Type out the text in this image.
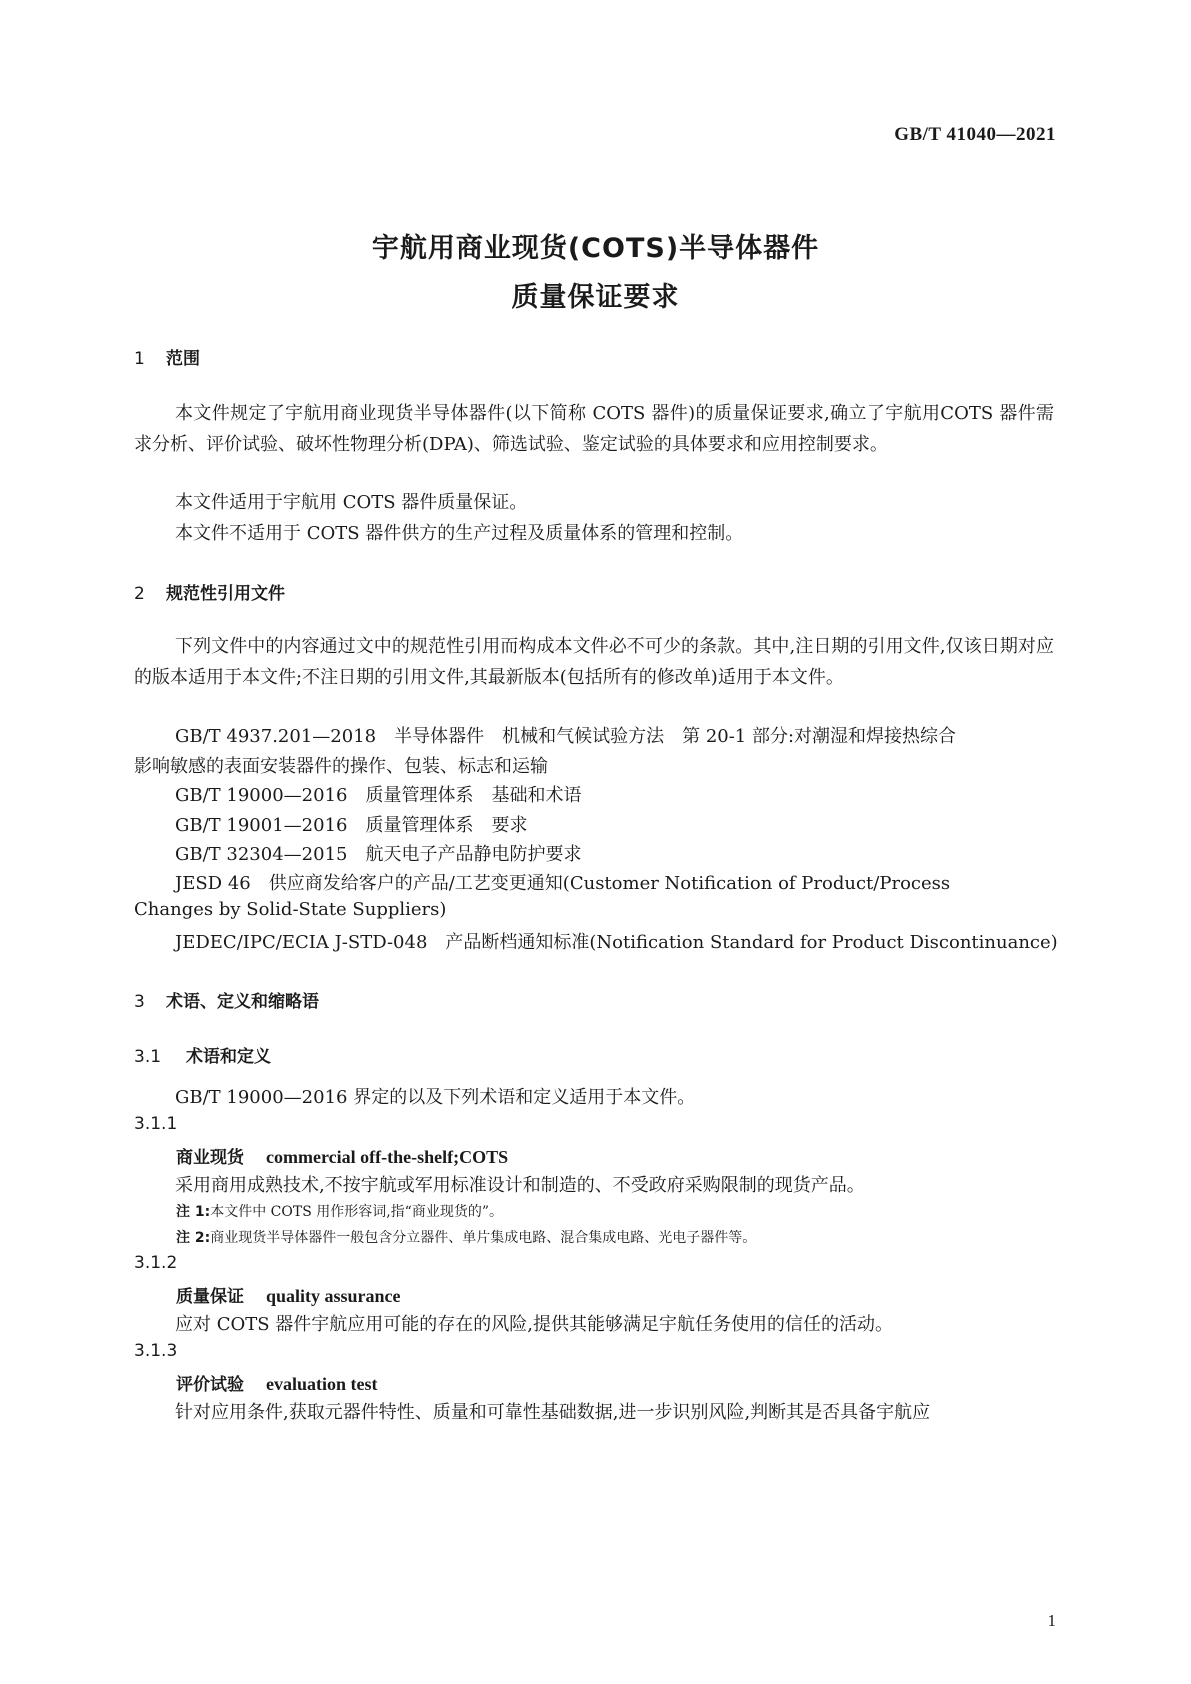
GB/T 41040—2021
宇航用商业现货(COTS)半导体器件
质量保证要求
1 范围
本文件规定了宇航用商业现货半导体器件(以下简称 COTS 器件)的质量保证要求,确立了宇航用COTS 器件需求分析、评价试验、破坏性物理分析(DPA)、筛选试验、鉴定试验的具体要求和应用控制要求。
本文件适用于宇航用 COTS 器件质量保证。
本文件不适用于 COTS 器件供方的生产过程及质量体系的管理和控制。
2 规范性引用文件
下列文件中的内容通过文中的规范性引用而构成本文件必不可少的条款。其中,注日期的引用文件,仅该日期对应的版本适用于本文件;不注日期的引用文件,其最新版本(包括所有的修改单)适用于本文件。
GB/T 4937.201—2018　半导体器件　机械和气候试验方法　第 20-1 部分:对潮湿和焊接热综合
影响敏感的表面安装器件的操作、包装、标志和运输
GB/T 19000—2016　质量管理体系　基础和术语
GB/T 19001—2016　质量管理体系　要求
GB/T 32304—2015　航天电子产品静电防护要求
JESD 46　供应商发给客户的产品/工艺变更通知(Customer Notification of Product/Process
Changes by Solid-State Suppliers)
JEDEC/IPC/ECIA J-STD-048　产品断档通知标准(Notification Standard for Product Discontinuance)
3 术语、定义和缩略语
3.1 术语和定义
GB/T 19000—2016 界定的以及下列术语和定义适用于本文件。
3.1.1
商业现货 commercial off-the-shelf;COTS
采用商用成熟技术,不按宇航或军用标准设计和制造的、不受政府采购限制的现货产品。
注 1:本文件中 COTS 用作形容词,指“商业现货的”。
注 2:商业现货半导体器件一般包含分立器件、单片集成电路、混合集成电路、光电子器件等。
3.1.2
质量保证 quality assurance
应对 COTS 器件宇航应用可能的存在的风险,提供其能够满足宇航任务使用的信任的活动。
3.1.3
评价试验 evaluation test
针对应用条件,获取元器件特性、质量和可靠性基础数据,进一步识别风险,判断其是否具备宇航应
1
